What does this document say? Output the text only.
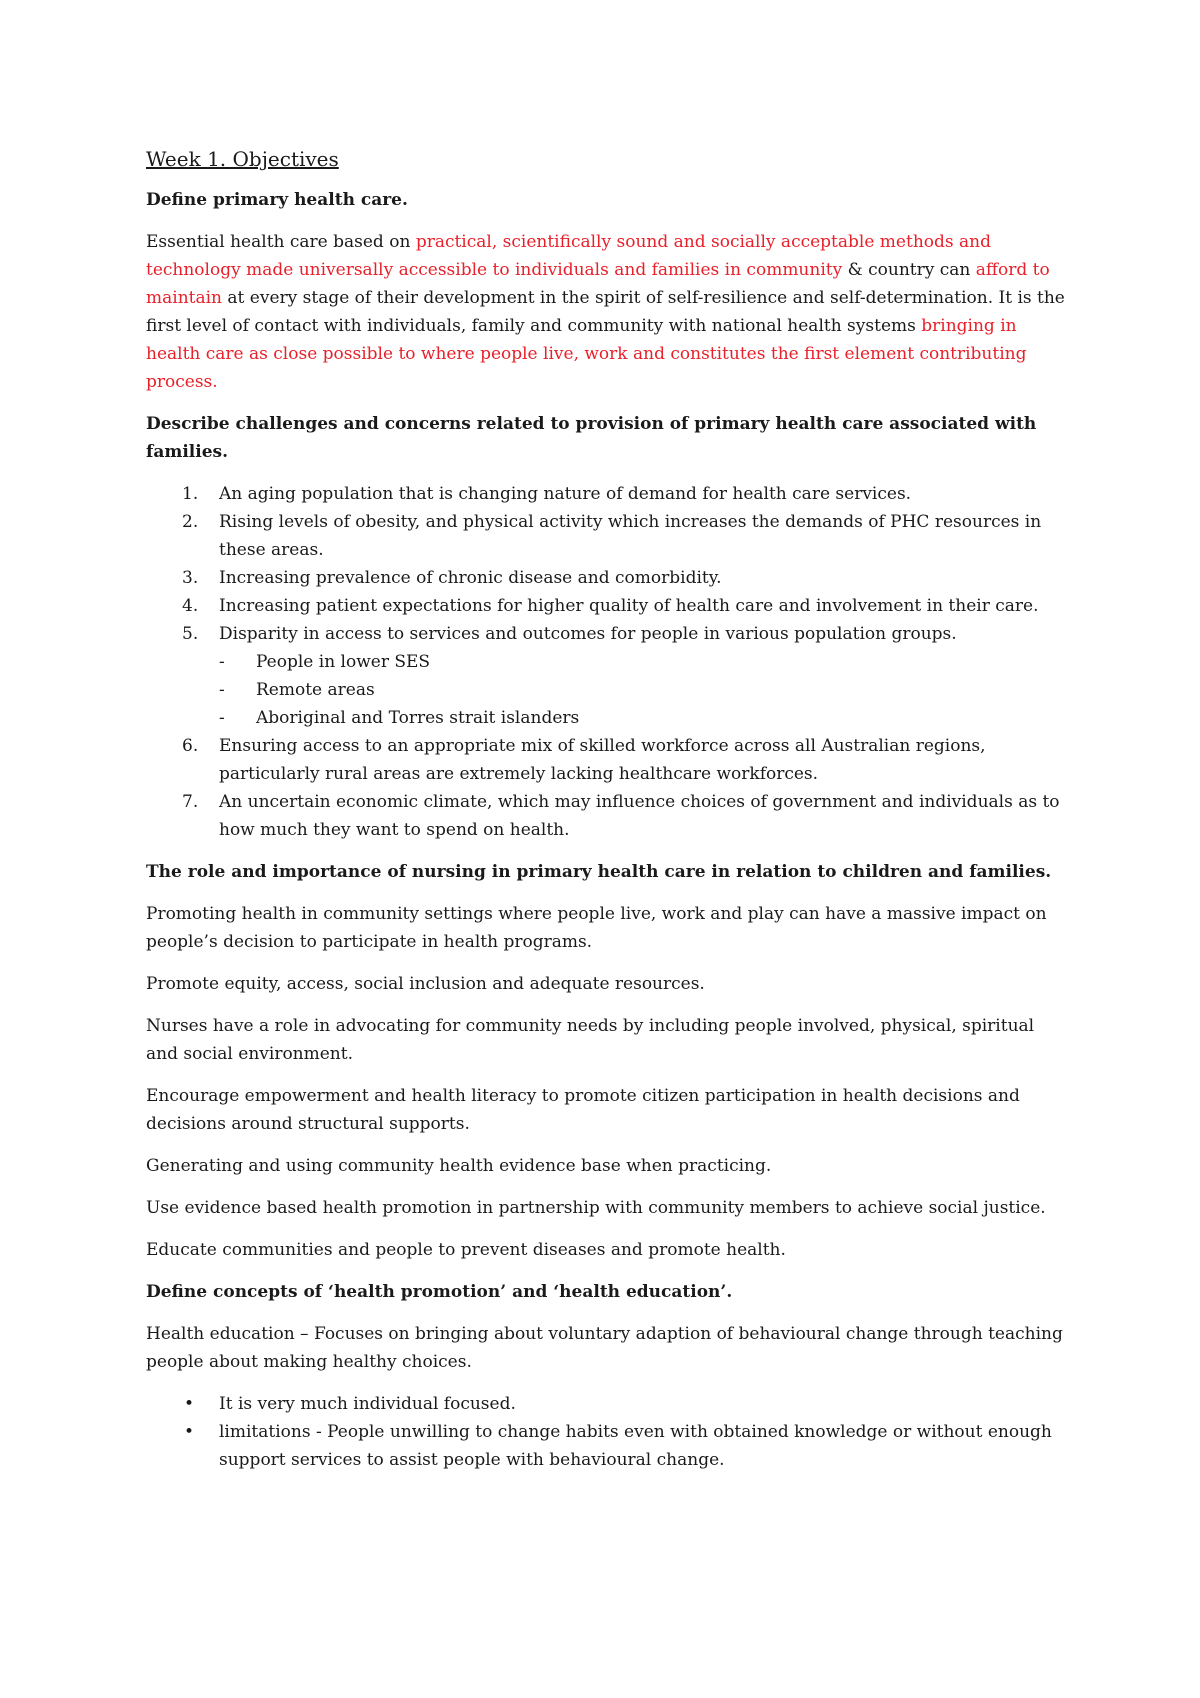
Week 1. Objectives
Define primary health care.

Essential health care based on practical, scientifically sound and socially acceptable methods and technology made universally accessible to individuals and families in community & country can afford to maintain at every stage of their development in the spirit of self-resilience and self-determination. It is the first level of contact with individuals, family and community with national health systems bringing in health care as close possible to where people live, work and constitutes the first element contributing process.

Describe challenges and concerns related to provision of primary health care associated with families.
1. An aging population that is changing nature of demand for health care services.
2. Rising levels of obesity, and physical activity which increases the demands of PHC resources in these areas.
3. Increasing prevalence of chronic disease and comorbidity.
4. Increasing patient expectations for higher quality of health care and involvement in their care.
5. Disparity in access to services and outcomes for people in various population groups.
- People in lower SES
- Remote areas
- Aboriginal and Torres strait islanders
6. Ensuring access to an appropriate mix of skilled workforce across all Australian regions, particularly rural areas are extremely lacking healthcare workforces.
7. An uncertain economic climate, which may influence choices of government and individuals as to how much they want to spend on health.
The role and importance of nursing in primary health care in relation to children and families.

Promoting health in community settings where people live, work and play can have a massive impact on people’s decision to participate in health programs.

Promote equity, access, social inclusion and adequate resources.

Nurses have a role in advocating for community needs by including people involved, physical, spiritual and social environment.

Encourage empowerment and health literacy to promote citizen participation in health decisions and decisions around structural supports.

Generating and using community health evidence base when practicing.

Use evidence based health promotion in partnership with community members to achieve social justice.

Educate communities and people to prevent diseases and promote health.

Define concepts of ‘health promotion’ and ‘health education’.

Health education – Focuses on bringing about voluntary adaption of behavioural change through teaching people about making healthy choices.

• It is very much individual focused.
• limitations - People unwilling to change habits even with obtained knowledge or without enough support services to assist people with behavioural change.
